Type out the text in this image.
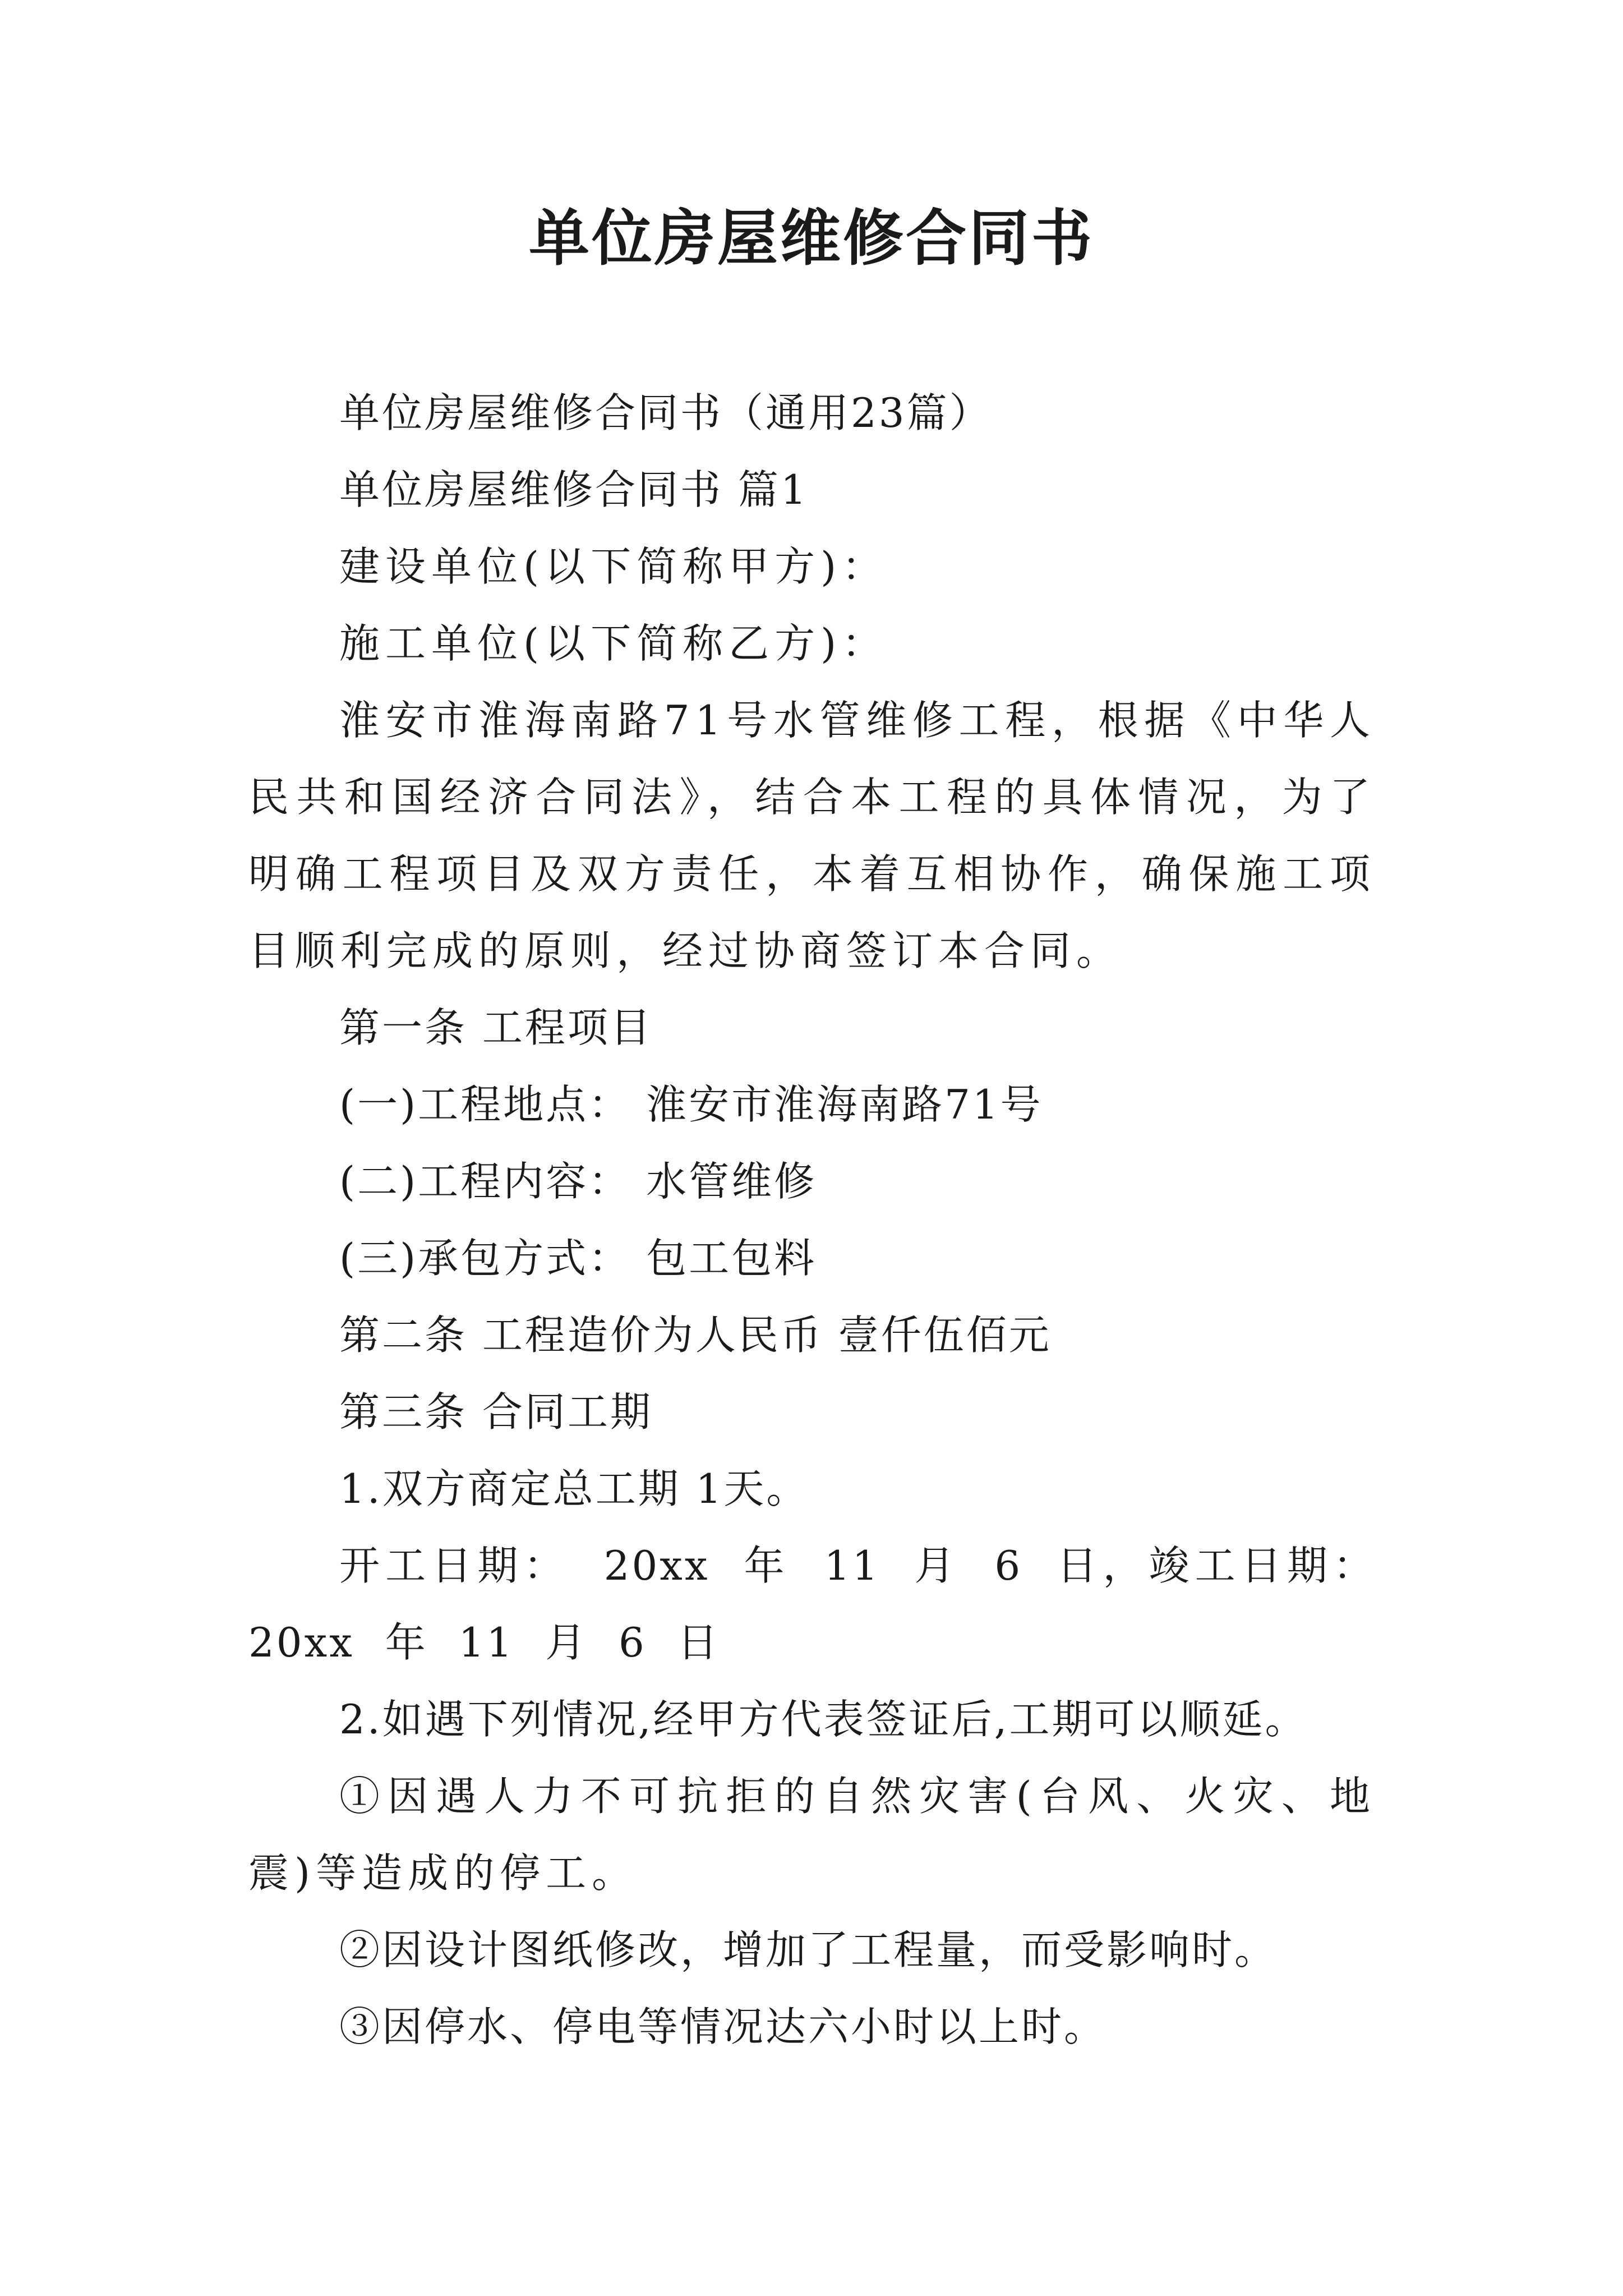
单位房屋维修合同书

单位房屋维修合同书（通用23篇）

单位房屋维修合同书 篇1

建设单位(以下简称甲方)：

施工单位(以下简称乙方)：

淮安市淮海南路71号水管维修工程，根据《中华人民共和国经济合同法》，结合本工程的具体情况，为了明确工程项目及双方责任，本着互相协作，确保施工项目顺利完成的原则，经过协商签订本合同。

第一条 工程项目

(一)工程地点： 淮安市淮海南路71号

(二)工程内容： 水管维修

(三)承包方式： 包工包料

第二条 工程造价为人民币 壹仟伍佰元

第三条 合同工期

1.双方商定总工期 1天。

开工日期： 20xx 年 11 月 6 日，竣工日期： 20xx 年 11 月 6 日

2.如遇下列情况,经甲方代表签证后,工期可以顺延。

①因遇人力不可抗拒的自然灾害(台风、火灾、地震)等造成的停工。

②因设计图纸修改，增加了工程量，而受影响时。

③因停水、停电等情况达六小时以上时。
